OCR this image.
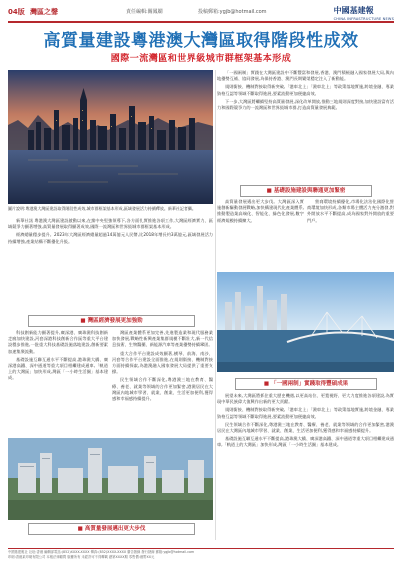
04版 灣區之聲	責任編輯:關鳳嫻	投稿郵箱:ygjb@hotmail.com	中國基建報
CHINA INFRASTRUCTURE NEWS
高質量建設粵港澳大灣區取得階段性成效
國際一流灣區和世界級城市群框架基本形成
圖片說明:粵港澳大灣區建設取得階段性成效,城市群框架基本形成,區域發展活力持續釋放。新華社記者攝。

新華社訊 粵港澳大灣區建設啟動以來,在黨中央堅強領導下,各方面扎實推進各項工作,大灣區經濟實力、區域競爭力顯著增強,高質量發展取得顯著成效,國際一流灣區和世界級城市群框架基本形成。

經濟總量穩步提升。2023年大灣區經濟總量超過14萬億元人民幣,比2018年增長約3萬億元,區域發展活力持續增強,產業結構不斷優化升級。

■ 灣區經濟發展更加強勁

科技創新能力顯著提升,廣深港、廣珠澳科技創新走廊加快建設,河套深港科技創新合作區等重大平台建設穩步推進,一批重大科技基礎設施落地建設,創新要素加速集聚流動。

基礎設施互聯互通水平不斷提高,港珠澳大橋、廣深港高鐵、深中通道等重大項目相繼建成通車,「軌道上的大灣區」加快形成,灣區「一小時生活圈」基本建成。

灣區產業體系更加完善,先進製造業和現代服務業加快發展,戰略性新興產業集群規模不斷壯大,新一代信息技術、生物醫藥、新能源汽車等產業優勢持續鞏固。

重大合作平台建設成效顯著,橫琴、前海、南沙、河套等合作平台建設全面推進,在規則銜接、機制對接方面持續探索,為港澳融入國家發展大局提供了重要支撐。

民生領域合作不斷深化,粵港澳三地在教育、醫療、養老、就業等領域的合作更加緊密,港澳居民在大灣區內地城市學習、就業、創業、生活更加便利,獲得感和幸福感持續提升。

■ 高質量發展邁出更大步伐
■ 基礎設施建設與聯通更加緊密

「一國兩制」實踐在大灣區建設中不斷豐富和發展,香港、澳門積極融入國家發展大局,與內地優勢互補、協同發展,為保持香港、澳門長期繁榮穩定注入了新動能。

規則銜接、機制對接取得新突破,「港車北上」「澳車北上」等政策落地實施,跨境金融、專業資格互認等領域不斷取得進展,要素流動更加便捷高效。

下一步,大灣區將繼續堅持高質量發展,深化改革開放,推動三地規則深度對接,加快建設富有活力和國際競爭力的一流灣區和世界級城市群,打造高質量發展典範。

高質量發展邁出更大步伐。大灣區深入實施創新驅動發展戰略,加快構建現代化產業體系,推動製造業高端化、智能化、綠色化發展,數字經濟規模持續擴大。

營商環境持續優化,市場化法治化國際化營商環境加快形成,各類市場主體活力充分激發,對外開放水平不斷提高,成為國家對外開放的重要門戶。

■ 「一國兩制」實踐取得豐碩成果

展望未來,大灣區將抓住重大歷史機遇,以更高站位、更寬視野、更大力度推進各項建設,為實現中華民族偉大復興作出新的更大貢獻。

規則銜接、機制對接取得新突破,「港車北上」「澳車北上」等政策落地實施,跨境金融、專業資格互認等領域不斷取得進展,要素流動更加便捷高效。

民生領域合作不斷深化,粵港澳三地在教育、醫療、養老、就業等領域的合作更加緊密,港澳居民在大灣區內地城市學習、就業、創業、生活更加便利,獲得感和幸福感持續提升。

基礎設施互聯互通水平不斷提高,港珠澳大橋、廣深港高鐵、深中通道等重大項目相繼建成通車,「軌道上的大灣區」加快形成,灣區「一小時生活圈」基本建成。

中國基建報社 社址:香港 編輯部電話:(852)XXXX-XXXX 傳真:(852)XXXX-XXXX 廣告熱線 發行熱線 郵箱:ygjb@hotmail.com
印刷:香港某印刷有限公司 本報法律顧問 版權所有 未經許可不得轉載 總第XXXX期 零售價:港幣XX元
